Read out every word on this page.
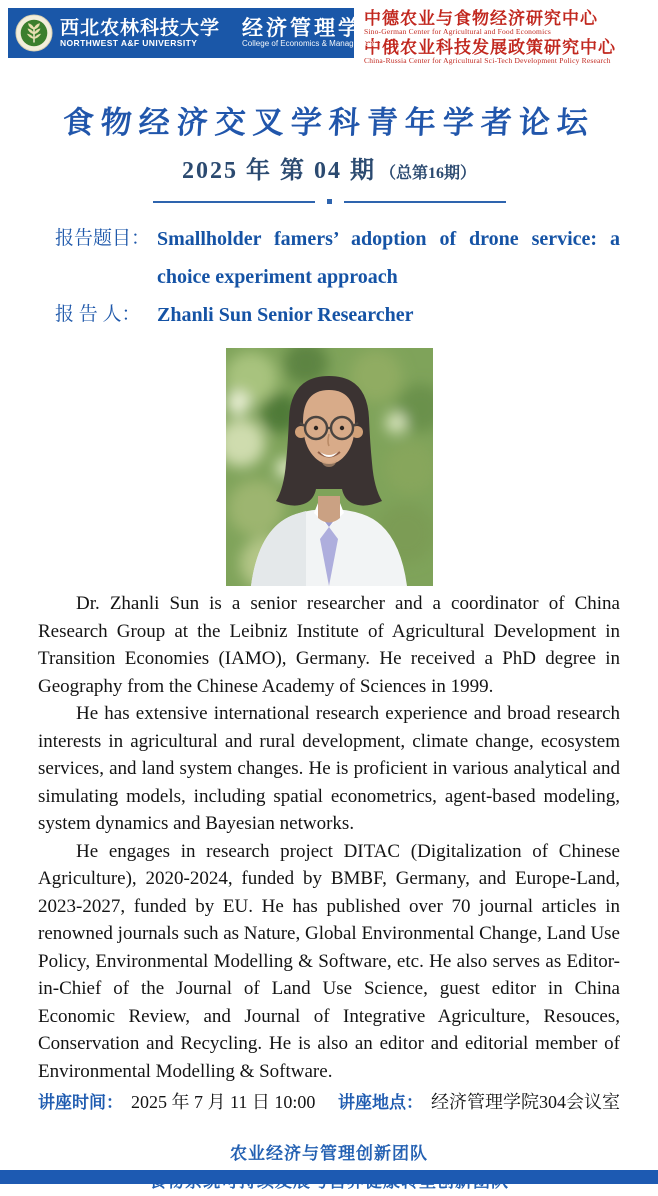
西北农林科技大学
NORTHWEST A&F UNIVERSITY
经济管理学院
College of Economics & Management
中德农业与食物经济研究中心
Sino-German Center for Agricultural and Food Economics
中俄农业科技发展政策研究中心
China-Russia Center for Agricultural Sci-Tech Development Policy Research
食物经济交叉学科青年学者论坛
2025 年 第 04 期 （总第16期）
报告题目： Smallholder famers’ adoption of drone service: a choice experiment approach
报 告 人： Zhanli Sun Senior Researcher

Dr. Zhanli Sun is a senior researcher and a coordinator of China Research Group at the Leibniz Institute of Agricultural Development in Transition Economies (IAMO), Germany. He received a PhD degree in Geography from the Chinese Academy of Sciences in 1999.

He has extensive international research experience and broad research interests in agricultural and rural development, climate change, ecosystem services, and land system changes. He is proficient in various analytical and simulating models, including spatial econometrics, agent-based modeling, system dynamics and Bayesian networks.

He engages in research project DITAC (Digitalization of Chinese Agriculture), 2020-2024, funded by BMBF, Germany, and Europe-Land, 2023-2027, funded by EU. He has published over 70 journal articles in renowned journals such as Nature, Global Environmental Change, Land Use Policy, Environmental Modelling & Software, etc. He also serves as Editor-in-Chief of the Journal of Land Use Science, guest editor in China Economic Review, and Journal of Integrative Agriculture, Resouces, Conservation and Recycling. He is also an editor and editorial member of Environmental Modelling & Software.

讲座时间： 2025 年 7 月 11 日 10:00 讲座地点： 经济管理学院304会议室
农业经济与管理创新团队
